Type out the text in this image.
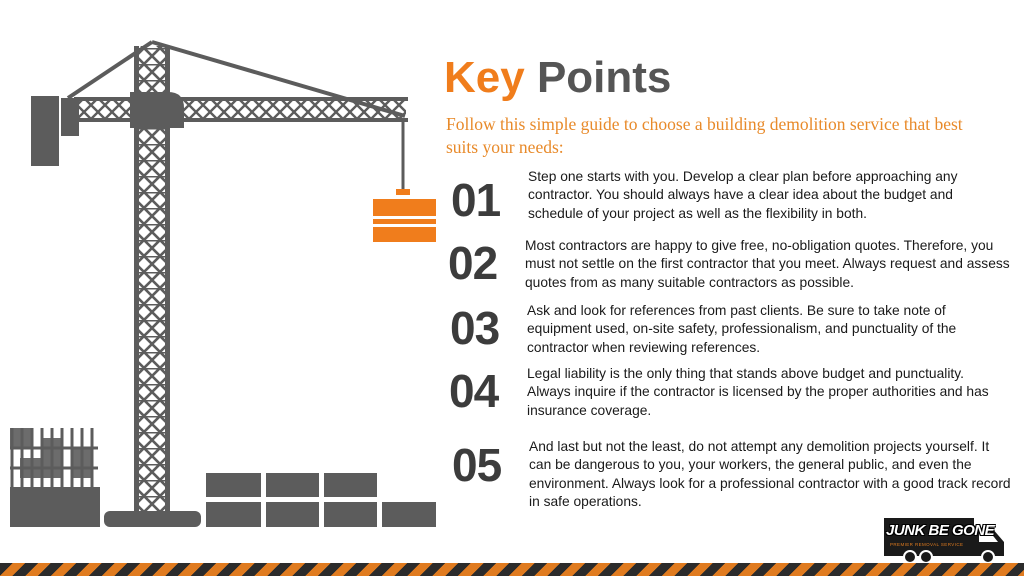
Key Points

Follow this simple guide to choose a building demolition service that best suits your needs:

01 Step one starts with you. Develop a clear plan before approaching any contractor. You should always have a clear idea about the budget and schedule of your project as well as the flexibility in both.

02 Most contractors are happy to give free, no-obligation quotes. Therefore, you must not settle on the first contractor that you meet. Always request and assess quotes from as many suitable contractors as possible.

03 Ask and look for references from past clients. Be sure to take note of equipment used, on-site safety, professionalism, and punctuality of the contractor when reviewing references.

04 Legal liability is the only thing that stands above budget and punctuality. Always inquire if the contractor is licensed by the proper authorities and has insurance coverage.

05 And last but not the least, do not attempt any demolition projects yourself. It can be dangerous to you, your workers, the general public, and even the environment. Always look for a professional contractor with a good track record in safe operations.

JUNK BE GONE
PREMIER REMOVAL SERVICE
